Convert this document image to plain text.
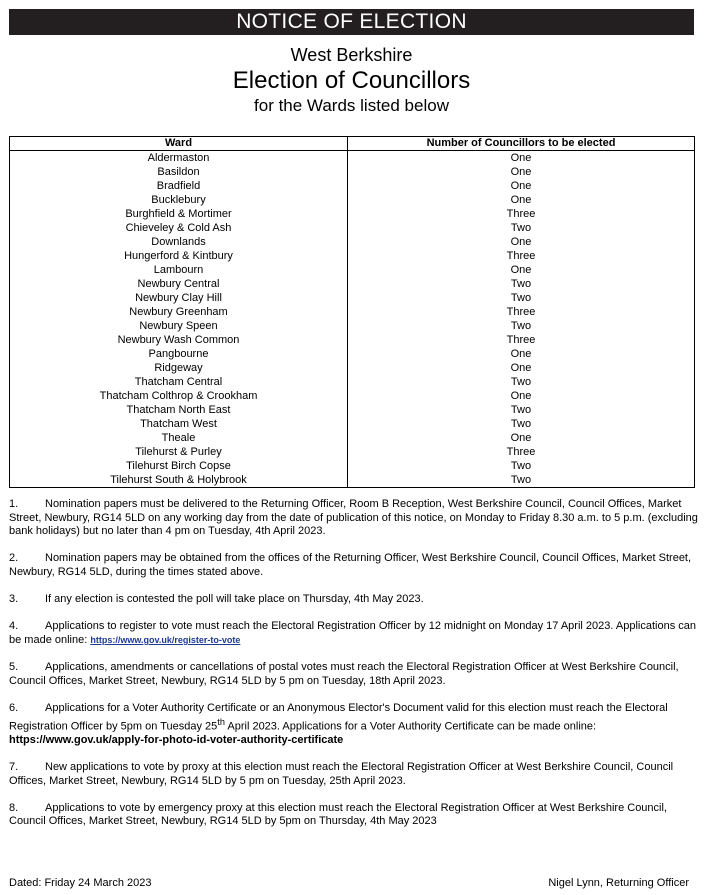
NOTICE OF ELECTION
West Berkshire
Election of Councillors
for the Wards listed below
Ward	Number of Councillors to be elected
Aldermaston	One
Basildon	One
Bradfield	One
Bucklebury	One
Burghfield & Mortimer	Three
Chieveley & Cold Ash	Two
Downlands	One
Hungerford & Kintbury	Three
Lambourn	One
Newbury Central	Two
Newbury Clay Hill	Two
Newbury Greenham	Three
Newbury Speen	Two
Newbury Wash Common	Three
Pangbourne	One
Ridgeway	One
Thatcham Central	Two
Thatcham Colthrop & Crookham	One
Thatcham North East	Two
Thatcham West	Two
Theale	One
Tilehurst & Purley	Three
Tilehurst Birch Copse	Two
Tilehurst South & Holybrook	Two

1. Nomination papers must be delivered to the Returning Officer, Room B Reception, West Berkshire Council, Council Offices, Market Street, Newbury, RG14 5LD on any working day from the date of publication of this notice, on Monday to Friday 8.30 a.m. to 5 p.m. (excluding bank holidays) but no later than 4 pm on Tuesday, 4th April 2023.

2. Nomination papers may be obtained from the offices of the Returning Officer, West Berkshire Council, Council Offices, Market Street, Newbury, RG14 5LD, during the times stated above.

3. If any election is contested the poll will take place on Thursday, 4th May 2023.

4. Applications to register to vote must reach the Electoral Registration Officer by 12 midnight on Monday 17 April 2023. Applications can be made online: https://www.gov.uk/register-to-vote

5. Applications, amendments or cancellations of postal votes must reach the Electoral Registration Officer at West Berkshire Council, Council Offices, Market Street, Newbury, RG14 5LD by 5 pm on Tuesday, 18th April 2023.

6. Applications for a Voter Authority Certificate or an Anonymous Elector's Document valid for this election must reach the Electoral Registration Officer by 5pm on Tuesday 25th April 2023. Applications for a Voter Authority Certificate can be made online:
https://www.gov.uk/apply-for-photo-id-voter-authority-certificate

7. New applications to vote by proxy at this election must reach the Electoral Registration Officer at West Berkshire Council, Council Offices, Market Street, Newbury, RG14 5LD by 5 pm on Tuesday, 25th April 2023.

8. Applications to vote by emergency proxy at this election must reach the Electoral Registration Officer at West Berkshire Council, Council Offices, Market Street, Newbury, RG14 5LD by 5pm on Thursday, 4th May 2023

Dated: Friday 24 March 2023	Nigel Lynn, Returning Officer
